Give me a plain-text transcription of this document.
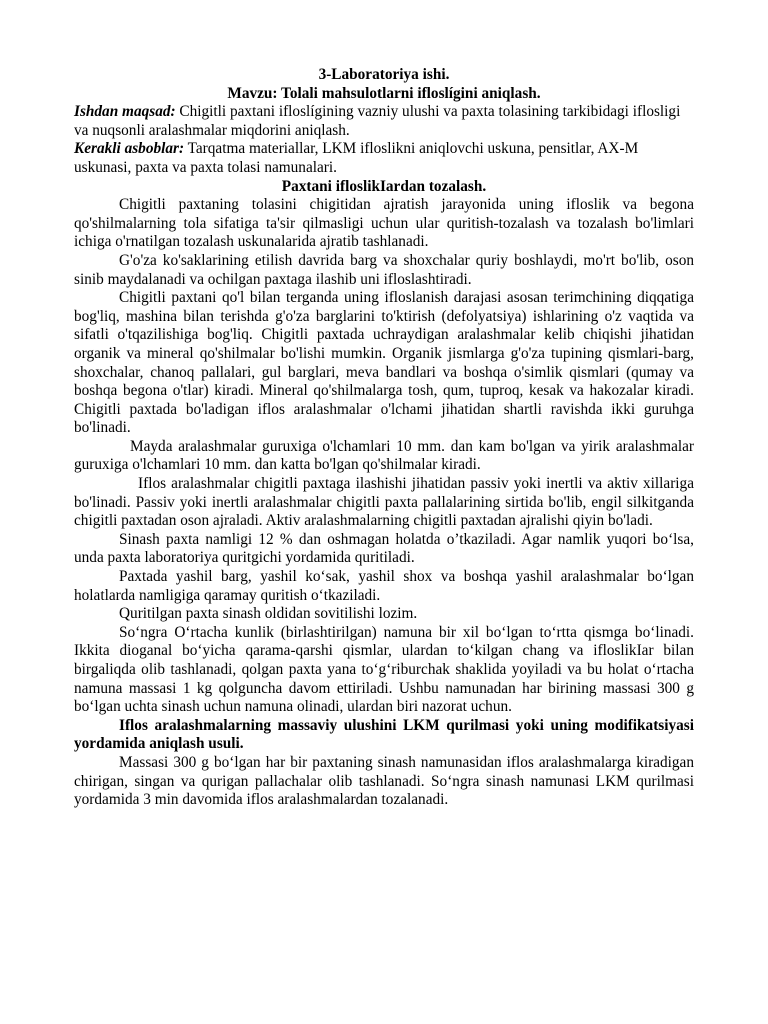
3-Laboratoriya ishi.

Mavzu: Tolali mahsulotlarni ifloslígini aniqlash.

Ishdan maqsad: Chigitli paxtani ifloslígining vazniy ulushi va paxta tolasining tarkibidagi iflosligi va nuqsonli aralashmalar miqdorini aniqlash.

Kerakli asboblar: Tarqatma materiallar, LKM ifloslikni aniqlovchi uskuna, pensitlar, AX-M uskunasi, paxta va paxta tolasi namunalari.

Paxtani ifloslikIardan tozalash.

Chigitli paxtaning tolasini chigitidan ajratish jarayonida uning ifloslik va begona qo'shilmalarning tola sifatiga ta'sir qilmasligi uchun ular quritish-tozalash va tozalash bo'limlari ichiga o'rnatilgan tozalash uskunalarida ajratib tashlanadi.

G'o'za ko'saklarining etilish davrida barg va shoxchalar quriy boshlaydi, mo'rt bo'lib, oson sinib maydalanadi va ochilgan paxtaga ilashib uni ifloslashtiradi.

Chigitli paxtani qo'l bilan terganda uning ifloslanish darajasi asosan terimchining diqqatiga bog'liq, mashina bilan terishda g'o'za barglarini to'ktirish (defolyatsiya) ishlarining o'z vaqtida va sifatli o'tqazilishiga bog'liq. Chigitli paxtada uchraydigan aralashmalar kelib chiqishi jihatidan organik va mineral qo'shilmalar bo'lishi mumkin. Organik jismlarga g'o'za tupining qismlari-barg, shoxchalar, chanoq pallalari, gul barglari, meva bandlari va boshqa o'simlik qismlari (qumay va boshqa begona o'tlar) kiradi. Mineral qo'shilmalarga tosh, qum, tuproq, kesak va hakozalar kiradi. Chigitli paxtada bo'ladigan iflos aralashmalar o'lchami jihatidan shartli ravishda ikki guruhga bo'linadi.

Mayda aralashmalar guruxiga o'lchamlari 10 mm. dan kam bo'lgan va yirik aralashmalar guruxiga o'lchamlari 10 mm. dan katta bo'lgan qo'shilmalar kiradi.

Iflos aralashmalar chigitli paxtaga ilashishi jihatidan passiv yoki inertli va aktiv xillariga bo'linadi. Passiv yoki inertli aralashmalar chigitli paxta pallalarining sirtida bo'lib, engil silkitganda chigitli paxtadan oson ajraladi. Aktiv aralashmalarning chigitli paxtadan ajralishi qiyin bo'ladi.

Sinash paxta namligi 12 % dan oshmagan holatda o’tkaziladi. Agar namlik yuqori bo‘lsa, unda paxta laboratoriya quritgichi yordamida quritiladi.

Paxtada yashil barg, yashil ko‘sak, yashil shox va boshqa yashil aralashmalar bo‘lgan holatlarda namligiga qaramay quritish o‘tkaziladi.

Quritilgan paxta sinash oldidan sovitilishi lozim.

So‘ngra O‘rtacha kunlik (birlashtirilgan) namuna bir xil bo‘lgan to‘rtta qismga bo‘linadi. Ikkita dioganal bo‘yicha qarama-qarshi qismlar, ulardan to‘kilgan chang va ifloslikIar bilan birgaliqda olib tashlanadi, qolgan paxta yana to‘g‘riburchak shaklida yoyiladi va bu holat o‘rtacha namuna massasi 1 kg qolguncha davom ettiriladi. Ushbu namunadan har birining massasi 300 g bo‘lgan uchta sinash uchun namuna olinadi, ulardan biri nazorat uchun.

Iflos aralashmalarning massaviy ulushini LKM qurilmasi yoki uning modifikatsiyasi yordamida aniqlash usuli.

Massasi 300 g bo‘lgan har bir paxtaning sinash namunasidan iflos aralashmalarga kiradigan chirigan, singan va qurigan pallachalar olib tashlanadi. So‘ngra sinash namunasi LKM qurilmasi yordamida 3 min davomida iflos aralashmalardan tozalanadi.
